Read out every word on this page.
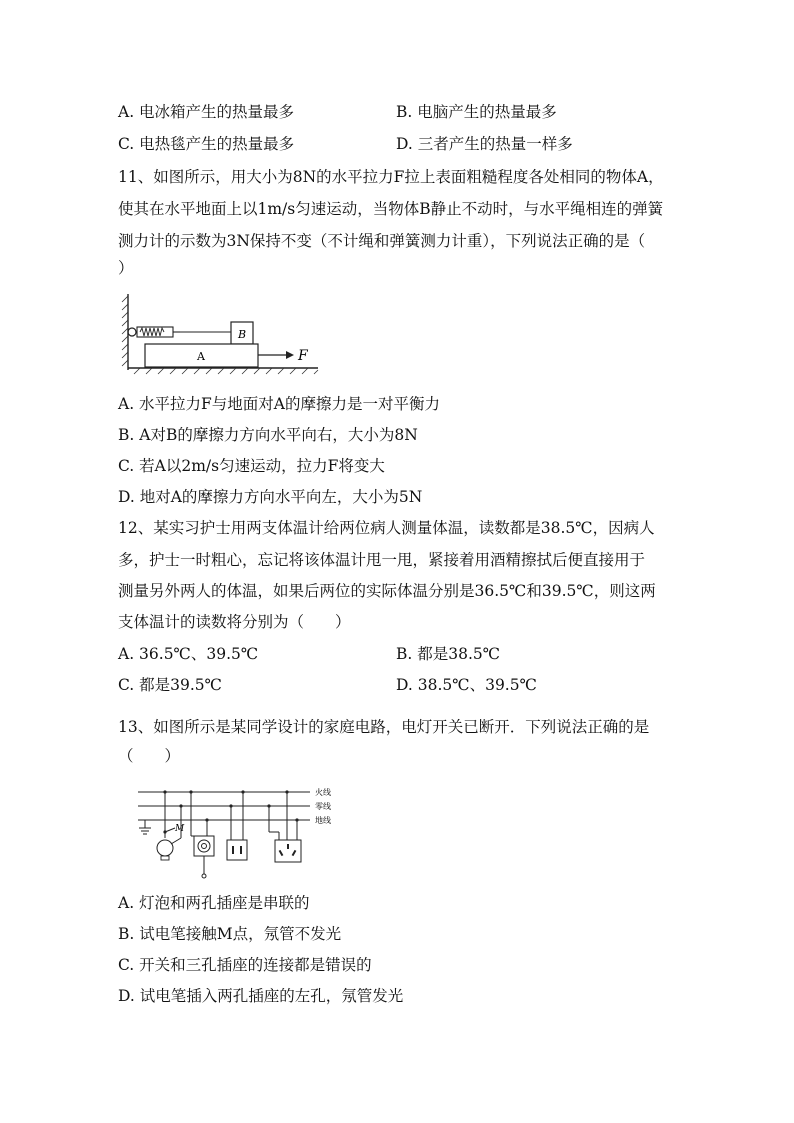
A. 电冰箱产生的热量最多	B. 电脑产生的热量最多
C. 电热毯产生的热量最多	D. 三者产生的热量一样多
11、如图所示，用大小为8N的水平拉力F拉上表面粗糙程度各处相同的物体A，
使其在水平地面上以1m/s匀速运动，当物体B静止不动时，与水平绳相连的弹簧
测力计的示数为3N保持不变（不计绳和弹簧测力计重），下列说法正确的是（
）
B
A	F
A. 水平拉力F与地面对A的摩擦力是一对平衡力
B. A对B的摩擦力方向水平向右，大小为8N
C. 若A以2m/s匀速运动，拉力F将变大
D. 地对A的摩擦力方向水平向左，大小为5N
12、某实习护士用两支体温计给两位病人测量体温，读数都是38.5℃，因病人
多，护士一时粗心，忘记将该体温计甩一甩，紧接着用酒精擦拭后便直接用于
测量另外两人的体温，如果后两位的实际体温分别是36.5℃和39.5℃，则这两
支体温计的读数将分别为（　　）
A. 36.5℃、39.5℃	B. 都是38.5℃
C. 都是39.5℃	D. 38.5℃、39.5℃
13、如图所示是某同学设计的家庭电路，电灯开关已断开．下列说法正确的是
（　　）
火线
零线
地线
M
A. 灯泡和两孔插座是串联的
B. 试电笔接触M点，氖管不发光
C. 开关和三孔插座的连接都是错误的
D. 试电笔插入两孔插座的左孔，氖管发光
